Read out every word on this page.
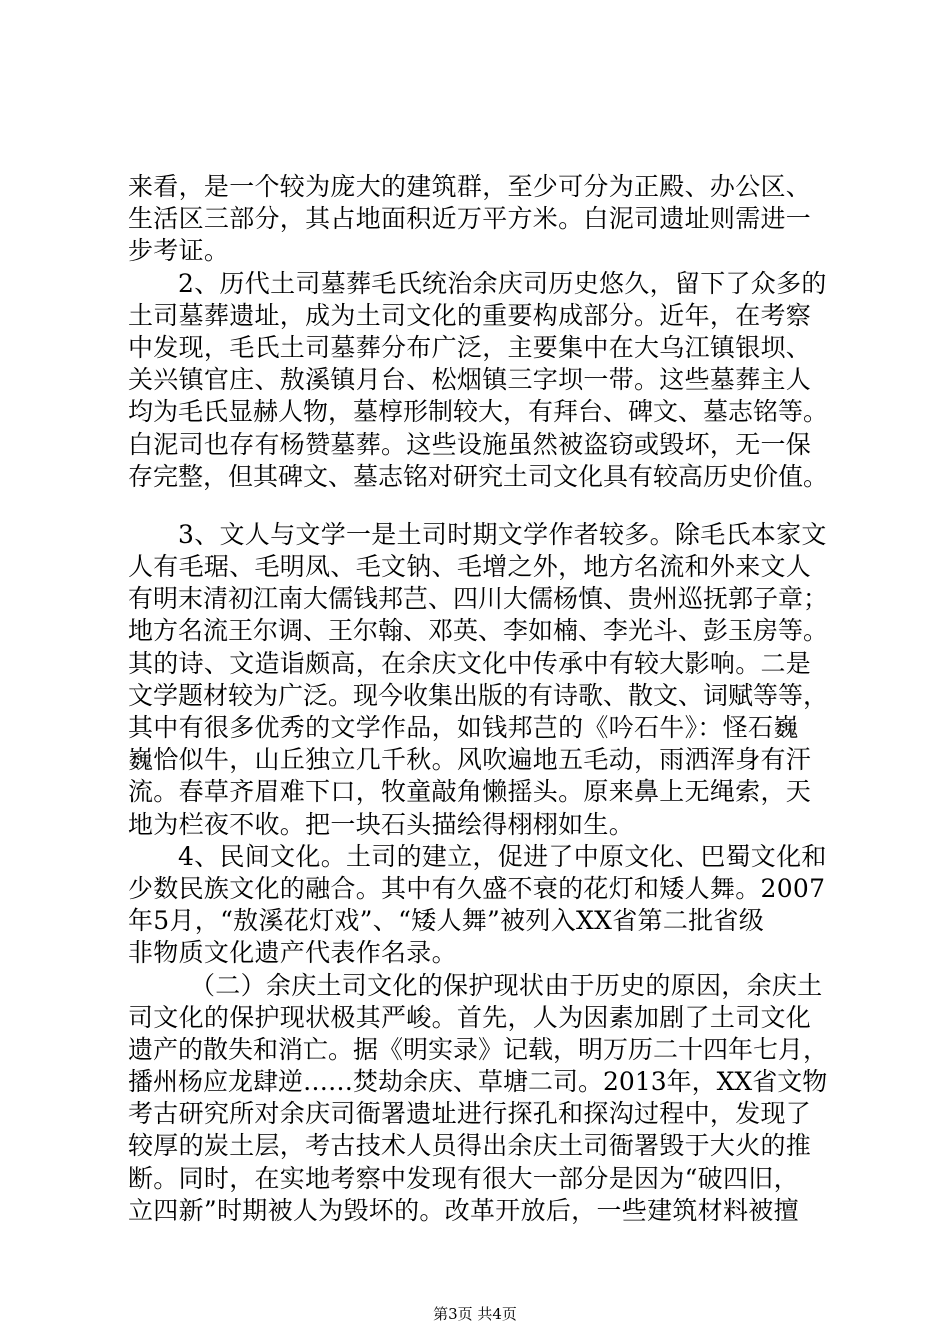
来看，是一个较为庞大的建筑群，至少可分为正殿、办公区、
生活区三部分，其占地面积近万平方米。白泥司遗址则需进一
步考证。
2、历代土司墓葬毛氏统治余庆司历史悠久，留下了众多的
土司墓葬遗址，成为土司文化的重要构成部分。近年，在考察
中发现，毛氏土司墓葬分布广泛，主要集中在大乌江镇银坝、
关兴镇官庄、敖溪镇月台、松烟镇三字坝一带。这些墓葬主人
均为毛氏显赫人物，墓椁形制较大，有拜台、碑文、墓志铭等。
白泥司也存有杨赞墓葬。这些设施虽然被盗窃或毁坏，无一保
存完整，但其碑文、墓志铭对研究土司文化具有较高历史价值。
3、文人与文学一是土司时期文学作者较多。除毛氏本家文
人有毛琚、毛明凤、毛文钠、毛增之外，地方名流和外来文人
有明末清初江南大儒钱邦芑、四川大儒杨慎、贵州巡抚郭子章；
地方名流王尔调、王尔翰、邓英、李如楠、李光斗、彭玉房等。
其的诗、文造诣颇高，在余庆文化中传承中有较大影响。二是
文学题材较为广泛。现今收集出版的有诗歌、散文、词赋等等，
其中有很多优秀的文学作品，如钱邦芑的《吟石牛》：怪石巍
巍恰似牛，山丘独立几千秋。风吹遍地五毛动，雨洒浑身有汗
流。春草齐眉难下口，牧童敲角懒摇头。原来鼻上无绳索，天
地为栏夜不收。把一块石头描绘得栩栩如生。
4、民间文化。土司的建立，促进了中原文化、巴蜀文化和
少数民族文化的融合。其中有久盛不衰的花灯和矮人舞。2007
年5月，“敖溪花灯戏”、“矮人舞”被列入XX省第二批省级
非物质文化遗产代表作名录。
（二）余庆土司文化的保护现状由于历史的原因，余庆土
司文化的保护现状极其严峻。首先，人为因素加剧了土司文化
遗产的散失和消亡。据《明实录》记载，明万历二十四年七月，
播州杨应龙肆逆……焚劫余庆、草塘二司。2013年，XX省文物
考古研究所对余庆司衙署遗址进行探孔和探沟过程中，发现了
较厚的炭土层，考古技术人员得出余庆土司衙署毁于大火的推
断。同时，在实地考察中发现有很大一部分是因为“破四旧，
立四新”时期被人为毁坏的。改革开放后，一些建筑材料被擅
第3页 共4页
